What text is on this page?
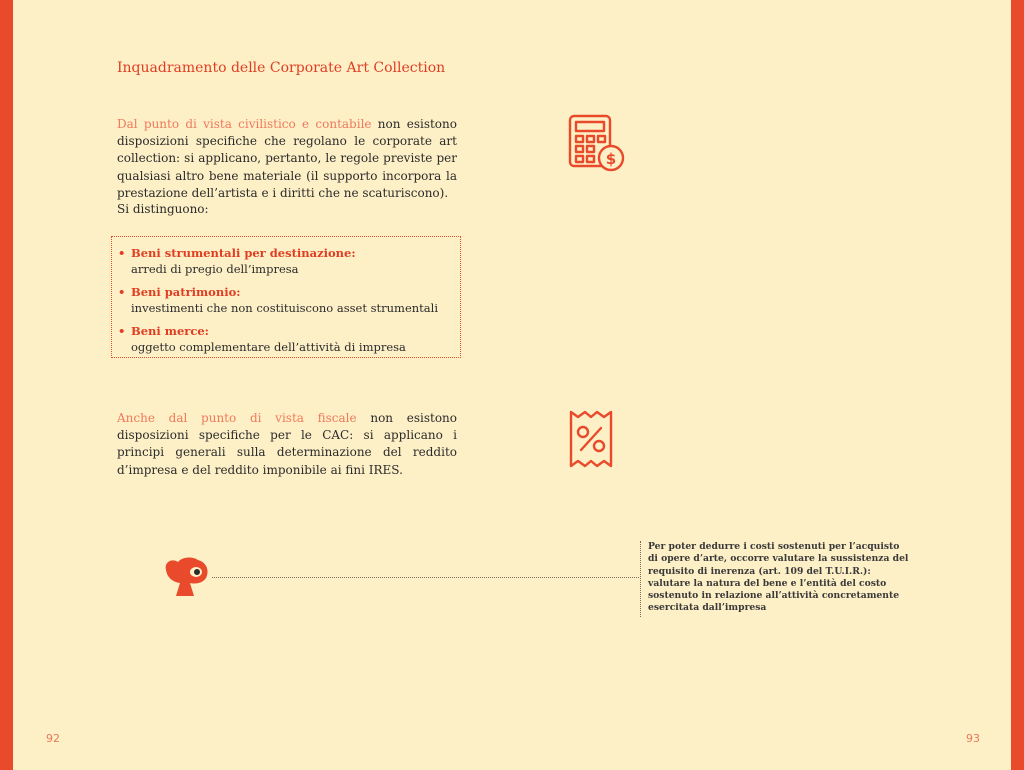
Inquadramento delle Corporate Art Collection
Dal punto di vista civilistico e contabile non esistono disposizioni specifiche che regolano le corporate art collection: si applicano, pertanto, le regole previste per qualsiasi altro bene materiale (il supporto incorpora la prestazione dell’artista e i diritti che ne scaturiscono).
Si distinguono:
• Beni strumentali per destinazione:
arredi di pregio dell’impresa
• Beni patrimonio:
investimenti che non costituiscono asset strumentali
• Beni merce:
oggetto complementare dell’attività di impresa
Anche dal punto di vista fiscale non esistono disposizioni specifiche per le CAC: si applicano i principi generali sulla determinazione del reddito d’impresa e del reddito imponibile ai fini IRES.
$
Per poter dedurre i costi sostenuti per l’acquisto di opere d’arte, occorre valutare la sussistenza del requisito di inerenza (art. 109 del T.U.I.R.): valutare la natura del bene e l’entità del costo sostenuto in relazione all’attività concretamente esercitata dall’impresa
92	93
